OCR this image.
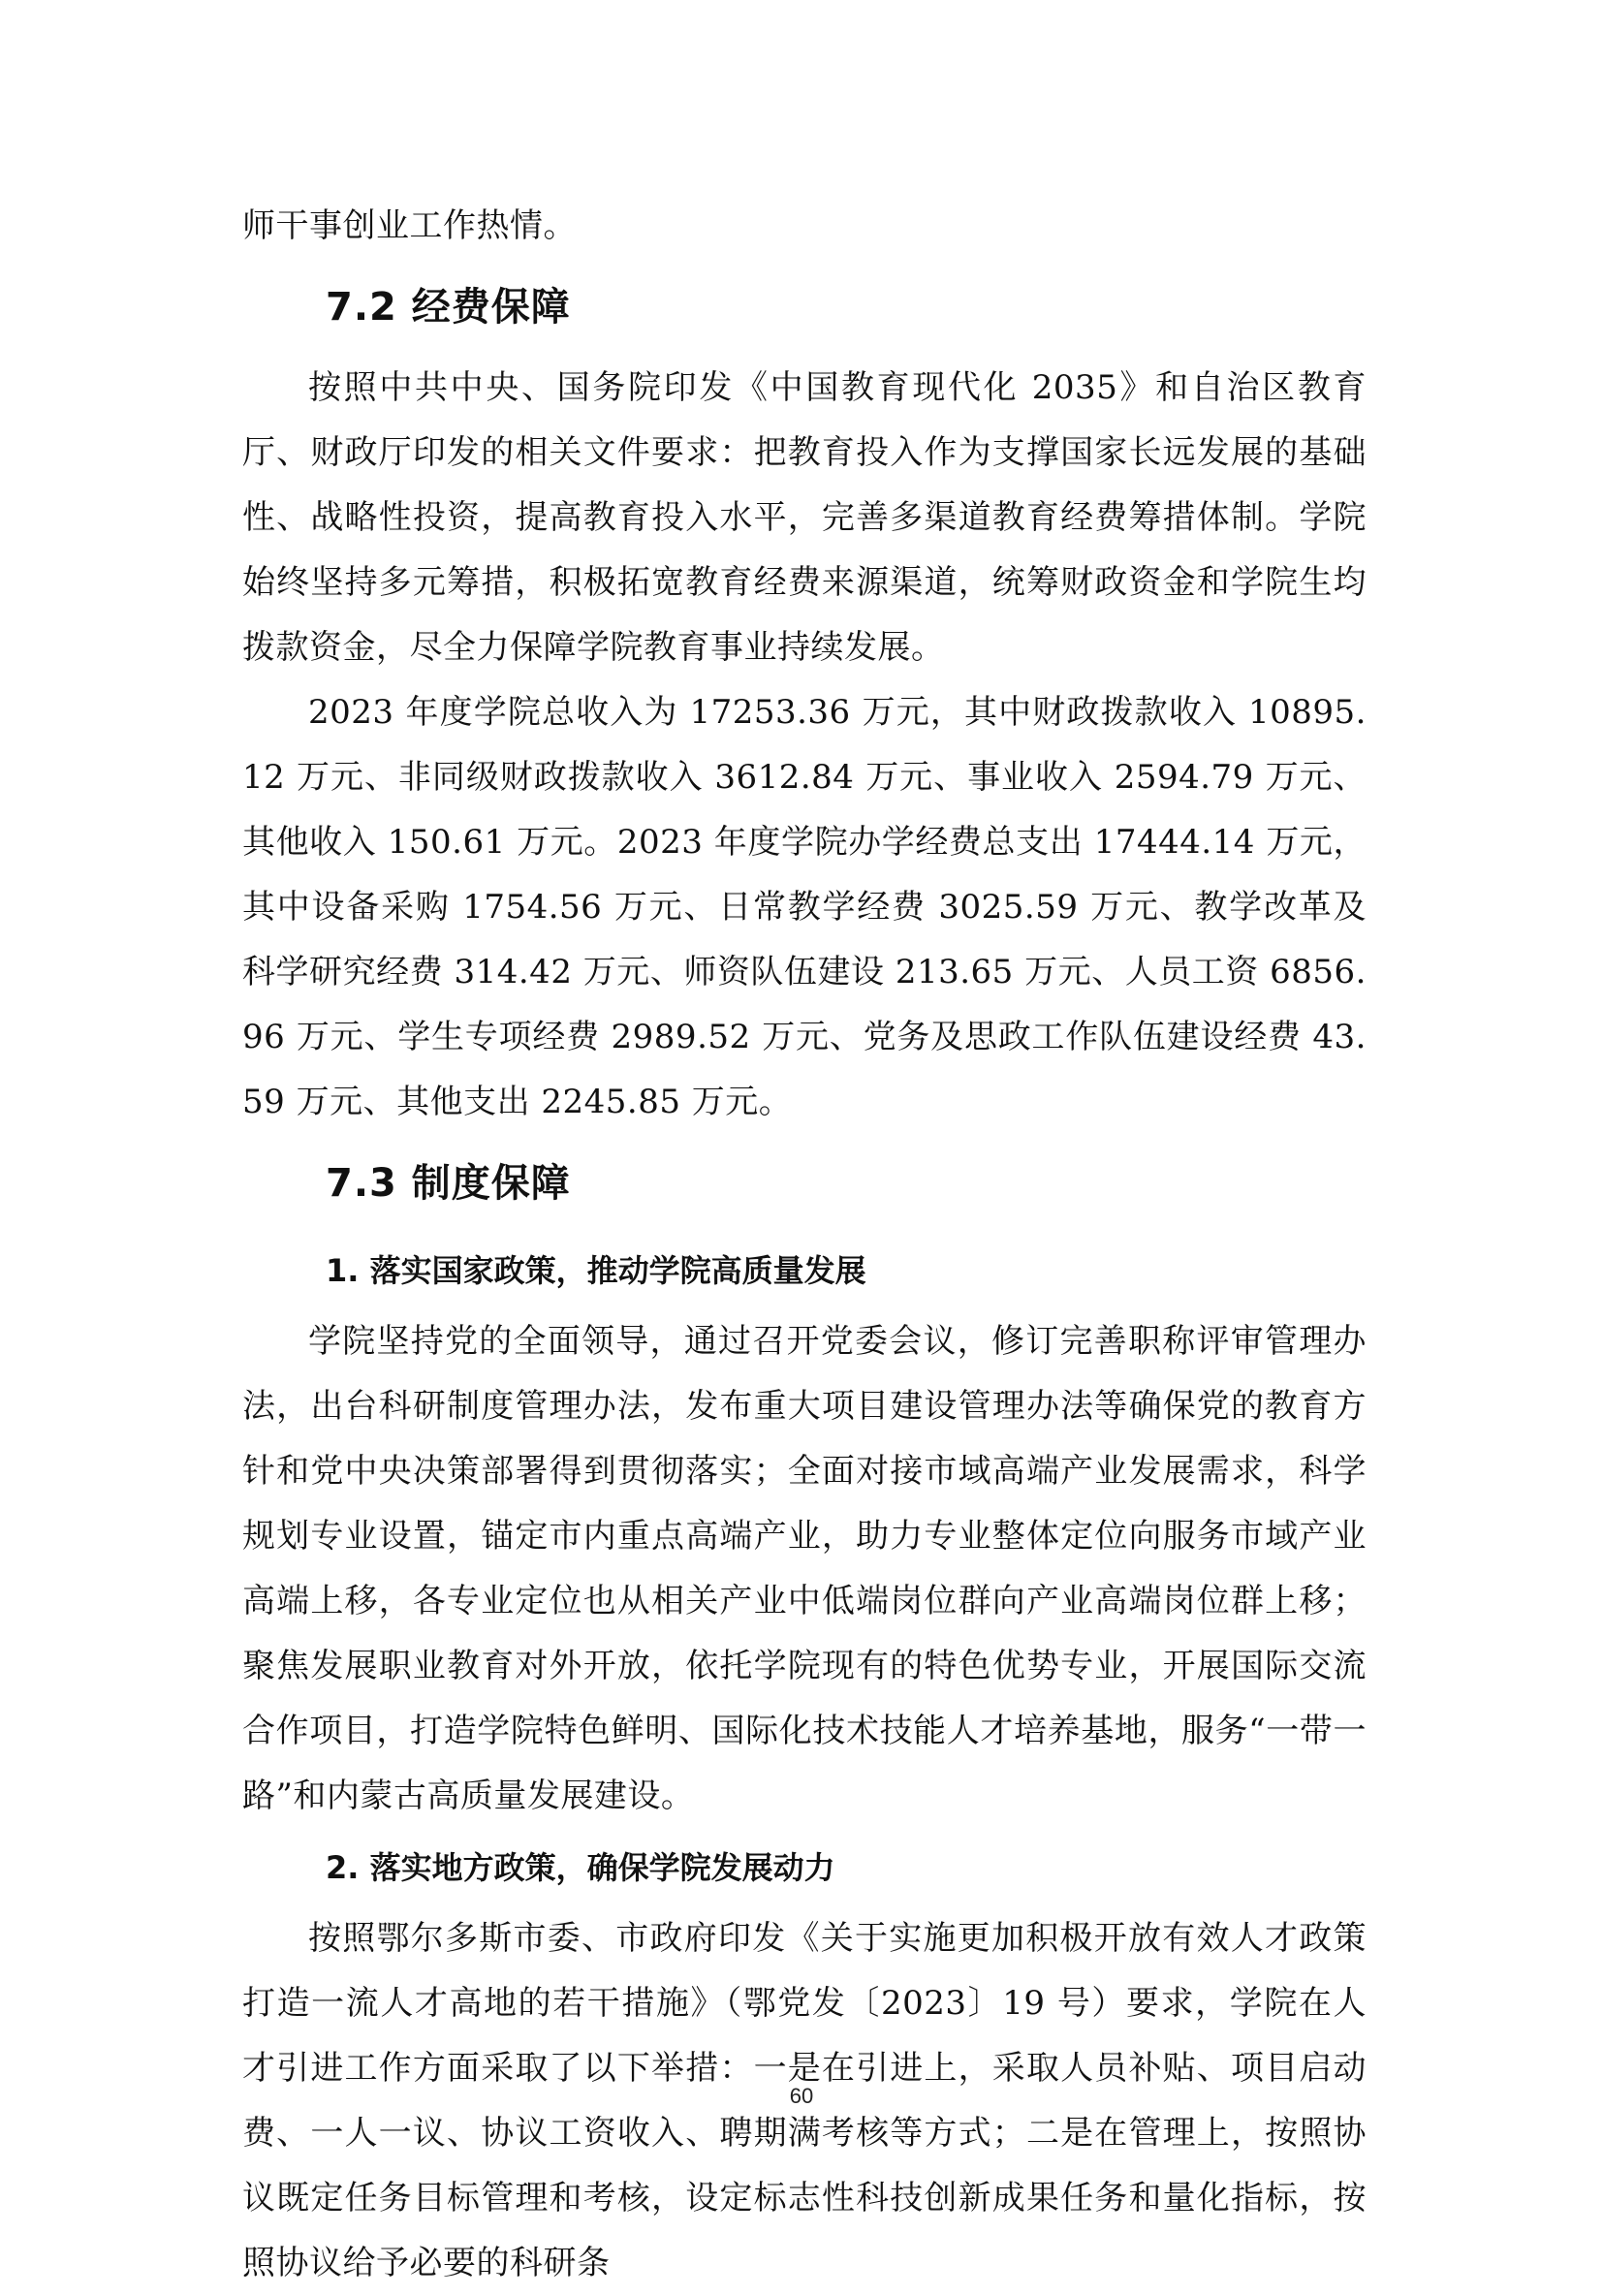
师干事创业工作热情。

7.2 经费保障

按照中共中央、国务院印发《中国教育现代化 2035》和自治区教育厅、财政厅印发的相关文件要求：把教育投入作为支撑国家长远发展的基础性、战略性投资，提高教育投入水平，完善多渠道教育经费筹措体制。学院始终坚持多元筹措，积极拓宽教育经费来源渠道，统筹财政资金和学院生均拨款资金，尽全力保障学院教育事业持续发展。

2023 年度学院总收入为 17253.36 万元，其中财政拨款收入 10895.12 万元、非同级财政拨款收入 3612.84 万元、事业收入 2594.79 万元、其他收入 150.61 万元。2023 年度学院办学经费总支出 17444.14 万元，其中设备采购 1754.56 万元、日常教学经费 3025.59 万元、教学改革及科学研究经费 314.42 万元、师资队伍建设 213.65 万元、人员工资 6856.96 万元、学生专项经费 2989.52 万元、党务及思政工作队伍建设经费 43.59 万元、其他支出 2245.85 万元。

7.3 制度保障
1. 落实国家政策，推动学院高质量发展

学院坚持党的全面领导，通过召开党委会议，修订完善职称评审管理办法，出台科研制度管理办法，发布重大项目建设管理办法等确保党的教育方针和党中央决策部署得到贯彻落实；全面对接市域高端产业发展需求，科学规划专业设置，锚定市内重点高端产业，助力专业整体定位向服务市域产业高端上移，各专业定位也从相关产业中低端岗位群向产业高端岗位群上移；聚焦发展职业教育对外开放，依托学院现有的特色优势专业，开展国际交流合作项目，打造学院特色鲜明、国际化技术技能人才培养基地，服务“一带一路”和内蒙古高质量发展建设。

2. 落实地方政策，确保学院发展动力

按照鄂尔多斯市委、市政府印发《关于实施更加积极开放有效人才政策打造一流人才高地的若干措施》（鄂党发〔2023〕19 号）要求，学院在人才引进工作方面采取了以下举措：一是在引进上，采取人员补贴、项目启动费、一人一议、协议工资收入、聘期满考核等方式；二是在管理上，按照协议既定任务目标管理和考核，设定标志性科技创新成果任务和量化指标，按照协议给予必要的科研条

60
